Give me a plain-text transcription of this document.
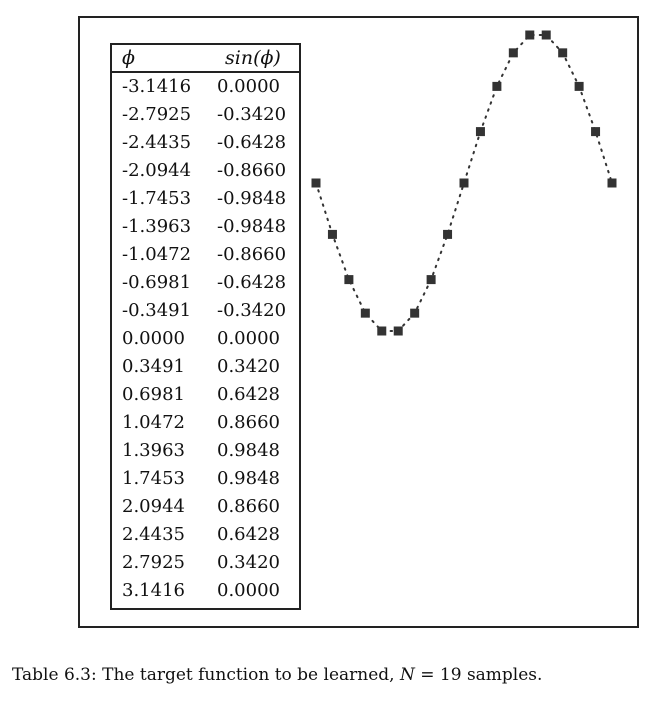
ϕ	sin(ϕ)
-3.1416 0.0000
-2.7925 -0.3420
-2.4435 -0.6428
-2.0944 -0.8660
-1.7453 -0.9848
-1.3963 -0.9848
-1.0472 -0.8660
-0.6981 -0.6428
-0.3491 -0.3420
0.0000 0.0000
0.3491 0.3420
0.6981 0.6428
1.0472 0.8660
1.3963 0.9848
1.7453 0.9848
2.0944 0.8660
2.4435 0.6428
2.7925 0.3420
3.1416 0.0000
Table 6.3: The target function to be learned, N = 19 samples.
